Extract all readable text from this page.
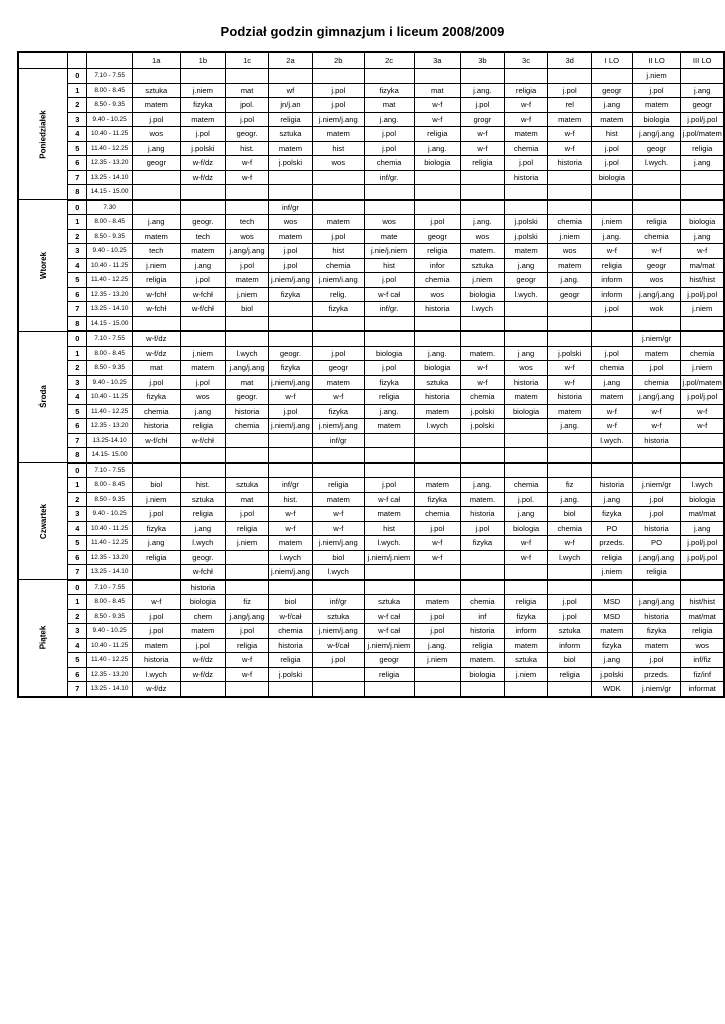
Podział godzin gimnazjum i liceum 2008/2009
			1a	1b	1c	2a	2b	2c	3a	3b	3c	3d	I LO	II LO	III LO
Poniedziałek	0	7.10 - 7.55												j.niem	
	1	8.00 - 8.45	sztuka	j.niem	mat	wf	j.pol	fizyka	mat	j.ang.	religia	j.pol	geogr	j.pol	j.ang
	2	8.50 - 9.35	matem	fizyka	jpol.	jn/j.an	j.pol	mat	w-f	j.pol	w-f	rel	j.ang	matem	geogr
	3	9.40 - 10.25	j.pol	matem	j.pol	religia	j.niem/j.ang	j.ang.	w-f	grogr	w-f	matem	matem	biologia	j.pol/j.pol
	4	10.40 - 11.25	wos	j.pol	geogr.	sztuka	matem	j.pol	religia	w-f	matem	w-f	hist	j.ang/j.ang	j.pol/matem
	5	11.40 - 12.25	j.ang	j.polski	hist.	matem	hist	j.pol	j.ang.	w-f	chemia	w-f	j.pol	geogr	religia
	6	12.35 - 13.20	geogr	w-f/dz	w-f	j.polski	wos	chemia	biologia	religia	j.pol	historia	j.pol	l.wych.	j.ang
	7	13.25 - 14.10		w-f/dz	w-f			inf/gr.			historia		biologia		
	8	14.15 - 15.00													
Wtorek	0	7.30				inf/gr									
	1	8.00 - 8.45	j.ang	geogr.	tech	wos	matem	wos	j.pol	j.ang.	j.polski	chemia	j.niem	religia	biologia
	2	8.50 - 9.35	matem	tech	wos	matem	j.pol	mate	geogr	wos	j.polski	j.niem	j.ang.	chemia	j.ang
	3	9.40 - 10.25	tech	matem	j.ang/j.ang	j.pol	hist	j.nie/j.niem	religia	matem.	matem	wos	w-f	w-f	w-f
	4	10.40 - 11.25	j.niem	j.ang	j.pol	j.pol	chemia	hist	infor	sztuka	j.ang	matem	religia	geogr	ma/mat
	5	11.40 - 12.25	religia	j.pol	matem	j.niem/j.ang	j.niem/i.ang	j.pol	chemia	j.niem	geogr	j.ang.	inform	wos	hist/hist
	6	12.35 - 13.20	w-fchł	w-fchł	j.niem	fizyka	relig.	w-f cał	wos	biologia	l.wych.	geogr	inform	j.ang/j.ang	j.pol/j.pol
	7	13.25 - 14.10	w-fchł	w-f/chł	biol		fizyka	inf/gr.	historia	l.wych			j.pol	wok	j.niem
	8	14.15 - 15.00													
Środa	0	7.10 - 7.55	w-f/dz											j.niem/gr	
	1	8.00 - 8.45	w-f/dz	j.niem	l.wych	geogr.	j.pol	biologia	j.ang.	matem.	j ang	j.polski	j.pol	matem	chemia
	2	8.50 - 9.35	mat	matem	j.ang/j.ang	fizyka	geogr	j.pol	biologia	w-f	wos	w-f	chemia	j.pol	j.niem
	3	9.40 - 10.25	j.pol	j.pol	mat	j.niem/j.ang	matem	fizyka	sztuka	w-f	historia	w-f	j.ang	chemia	j.pol/matem
	4	10.40 - 11.25	fizyka	wos	geogr.	w-f	w-f	religia	historia	chemia	matem	historia	matem	j.ang/j.ang	j.pol/j.pol
	5	11.40 - 12.25	chemia	j.ang	historia	j.pol	fizyka	j.ang.	matem	j.polski	biologia	matem	w-f	w-f	w-f
	6	12.35 - 13.20	historia	religia	chemia	j.niem/j.ang	j.niem/j.ang	matem	l.wych	j.polski		j.ang.	w-f	w-f	w-f
	7	13.25-14.10	w-f/chł	w-f/chł			inf/gr						l.wych.	historia	
	8	14.15- 15.00													
Czwartek	0	7.10 - 7.55													
	1	8.00 - 8.45	biol	hist.	sztuka	inf/gr	religia	j.pol	matem	j.ang.	chemia	fiz	historia	j.niem/gr	l.wych
	2	8.50 - 9.35	j.niem	sztuka	mat	hist.	matem	w-f cał	fizyka	matem.	j.pol.	j.ang.	j.ang	j.pol	biologia
	3	9.40 - 10.25	j.pol	religia	j.pol	w-f	w-f	matem	chemia	historia	j.ang	biol	fizyka	j.pol	mat/mat
	4	10.40 - 11.25	fizyka	j.ang	religia	w-f	w-f	hist	j.pol	j.pol	biologia	chemia	PO	historia	j.ang
	5	11.40 - 12.25	j.ang	l.wych	j.niem	matem	j.niem/j.ang	l.wych.	w-f	fizyka	w-f	w-f	przeds.	PO	j.pol/j.pol
	6	12.35 - 13.20	religia	geogr.		l.wych	biol	j.niem/j.niem	w-f		w-f	l.wych	religia	j.ang/j.ang	j.pol/j.pol
	7	13.25 - 14.10		w-fchł		j.niem/j.ang	l.wych						j.niem	religia	
Piątek	0	7.10 - 7.55		historia											
	1	8.00 - 8.45	w-f	biologia	fiz	biol	inf/gr	sztuka	matem	chemia	religia	j.pol	MSD	j.ang/j.ang	hist/hist
	2	8.50 - 9.35	j.pol	chem	j.ang/j.ang	w-f/cał	sztuka	w-f cał	j.pol	inf	fizyka	j.pol	MSD	historia	mat/mat
	3	9.40 - 10.25	j.pol	matem	j.pol	chemia	j.niem/j.ang	w-f cał	j.pol	historia	inform	sztuka	matem	fizyka	religia
	4	10.40 - 11.25	matem	j.pol	religia	historia	w-f/cał	j.niem/j.niem	j.ang.	religia	matem	inform	fizyka	matem	wos
	5	11.40 - 12.25	historia	w-f/dz	w-f	religia	j.pol	geogr	j.niem	matem.	sztuka	biol	j.ang	j.pol	inf/fiz
	6	12.35 - 13.20	l.wych	w-f/dz	w-f	j.polski		religia		biologia	j.niem	religia	j.polski	przeds.	fiz/inf
	7	13.25 - 14.10	w-f/dz										WDK	j.niem/gr	informat
